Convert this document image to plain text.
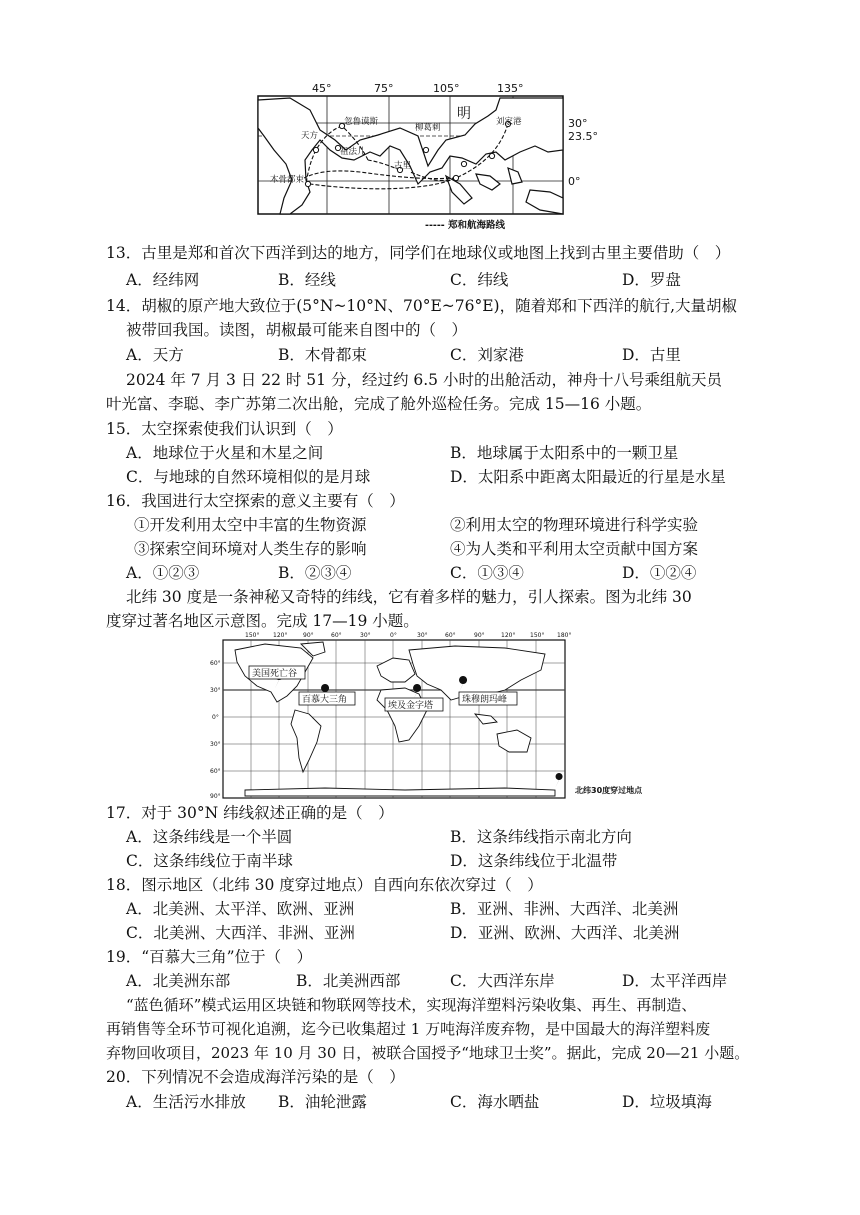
忽鲁谟斯
天方
祖法儿
木骨都束
古里
柳葛刺
明	刘家港
45°	75°	105°	135°
30°
23.5°
0°
----- 郑和航海路线
13．古里是郑和首次下西洋到达的地方，同学们在地球仪或地图上找到古里主要借助（　）
A．经纬网	B．经线	C．纬线	D．罗盘
14．胡椒的原产地大致位于(5°N~10°N、70°E~76°E)，随着郑和下西洋的航行,大量胡椒
被带回我国。读图，胡椒最可能来自图中的（　）
A．天方	B．木骨都束	C．刘家港	D．古里
2024 年 7 月 3 日 22 时 51 分，经过约 6.5 小时的出舱活动，神舟十八号乘组航天员
叶光富、李聪、李广苏第二次出舱，完成了舱外巡检任务。完成 15—16 小题。
15．太空探索使我们认识到（　）
A．地球位于火星和木星之间	B．地球属于太阳系中的一颗卫星
C．与地球的自然环境相似的是月球	D．太阳系中距离太阳最近的行星是水星
16．我国进行太空探索的意义主要有（　）
①开发利用太空中丰富的生物资源	②利用太空的物理环境进行科学实验
③探索空间环境对人类生存的影响	④为人类和平利用太空贡献中国方案
A．①②③	B．②③④	C．①③④	D．①②④
北纬 30 度是一条神秘又奇特的纬线，它有着多样的魅力，引人探索。图为北纬 30
度穿过著名地区示意图。完成 17—19 小题。
150° 120°	90°	60°	30°	0°	30°	60°	90°	120° 150° 180°
60°
30°
0°
30°
60°
90°
美国死亡谷
百慕大三角
埃及金字塔
珠穆朗玛峰
北纬30度穿过地点
17．对于 30°N 纬线叙述正确的是（　）
A．这条纬线是一个半圆	B．这条纬线指示南北方向
C．这条纬线位于南半球	D．这条纬线位于北温带
18．图示地区（北纬 30 度穿过地点）自西向东依次穿过（　）
A．北美洲、太平洋、欧洲、亚洲	B．亚洲、非洲、大西洋、北美洲
C．北美洲、大西洋、非洲、亚洲	D．亚洲、欧洲、大西洋、北美洲
19．“百慕大三角”位于（　）
A．北美洲东部	B．北美洲西部	C．大西洋东岸	D．太平洋西岸
“蓝色循环”模式运用区块链和物联网等技术，实现海洋塑料污染收集、再生、再制造、
再销售等全环节可视化追溯，迄今已收集超过 1 万吨海洋废弃物，是中国最大的海洋塑料废
弃物回收项目，2023 年 10 月 30 日，被联合国授予“地球卫士奖”。据此，完成 20—21 小题。
20．下列情况不会造成海洋污染的是（　）
A．生活污水排放 B．油轮泄露	C．海水晒盐	D．垃圾填海
